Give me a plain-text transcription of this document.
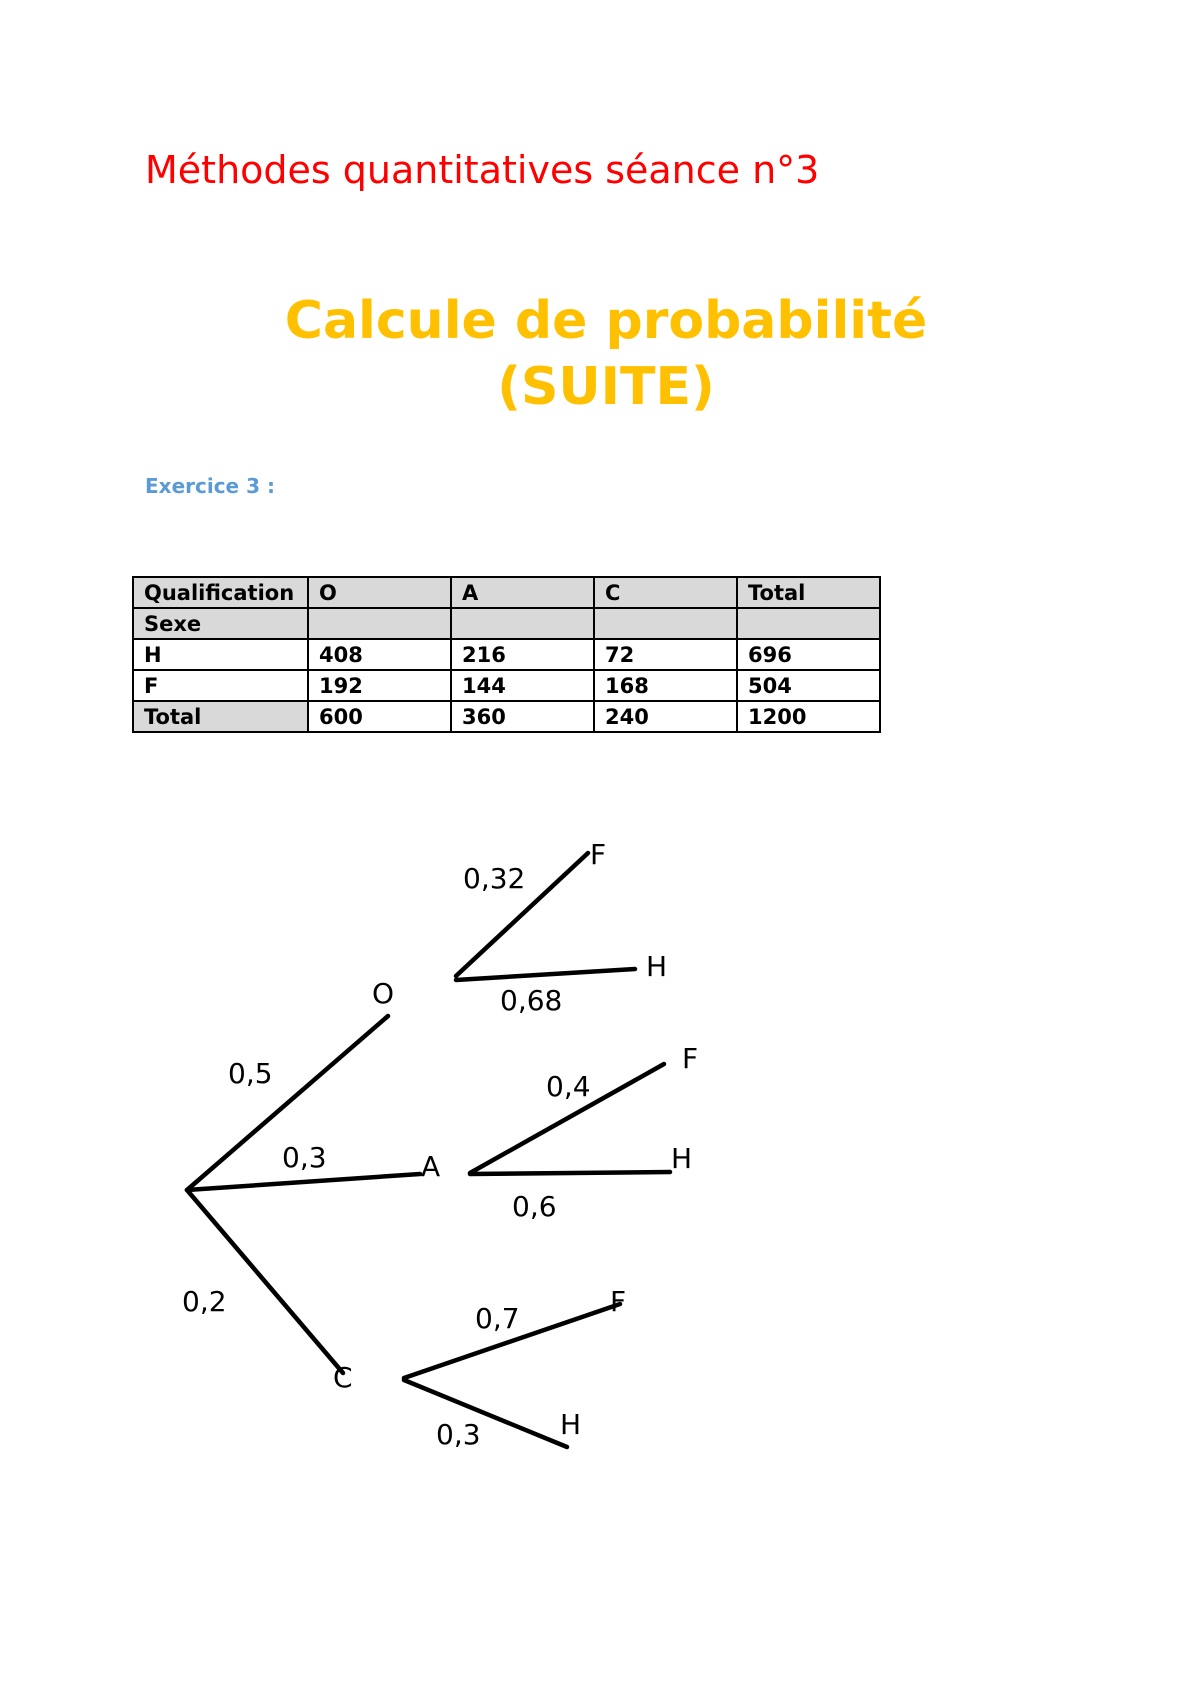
Méthodes quantitatives séance n°3
Calcule de probabilité
(SUITE)

Exercice 3 :

Qualification	O	A	C	Total
Sexe				
H	408	216	72	696
F	192	144	168	504
Total	600	360	240	1200
O
A
C
F
H
F
H
F
H
0,5
0,3
0,2
0,32
0,68
0,4
0,6
0,7
0,3
